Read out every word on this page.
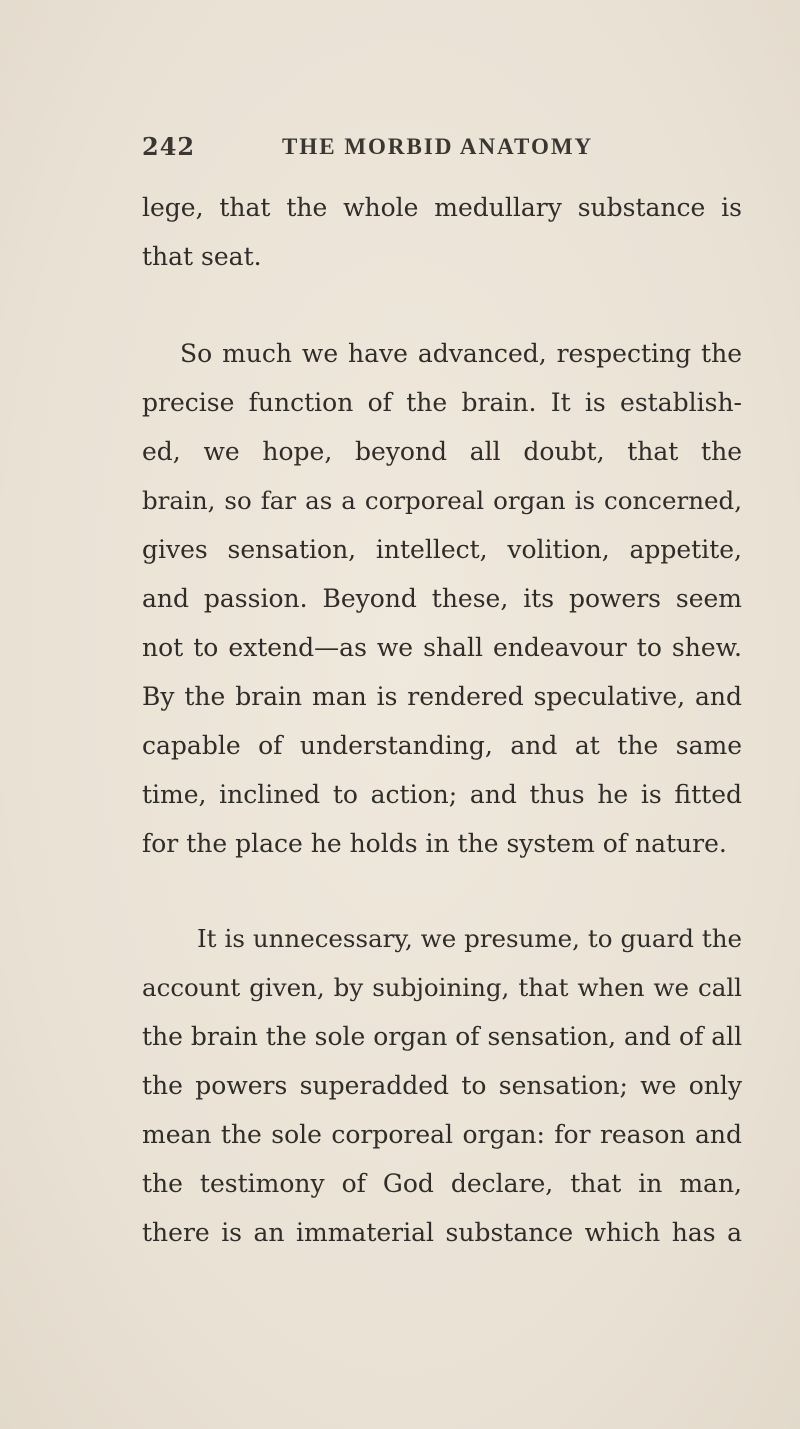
242	THE MORBID ANATOMY
lege, that the whole medullary substance is
that seat.
So much we have advanced, respecting the
precise function of the brain. It is establish-
ed, we hope, beyond all doubt, that the
brain, so far as a corporeal organ is concerned,
gives sensation, intellect, volition, appetite,
and passion. Beyond these, its powers seem
not to extend—as we shall endeavour to shew.
By the brain man is rendered speculative, and
capable of understanding, and at the same
time, inclined to action; and thus he is fitted
for the place he holds in the system of nature.
It is unnecessary, we presume, to guard the
account given, by subjoining, that when we call
the brain the sole organ of sensation, and of all
the powers superadded to sensation; we only
mean the sole corporeal organ: for reason and
the testimony of God declare, that in man,
there is an immaterial substance which has a
